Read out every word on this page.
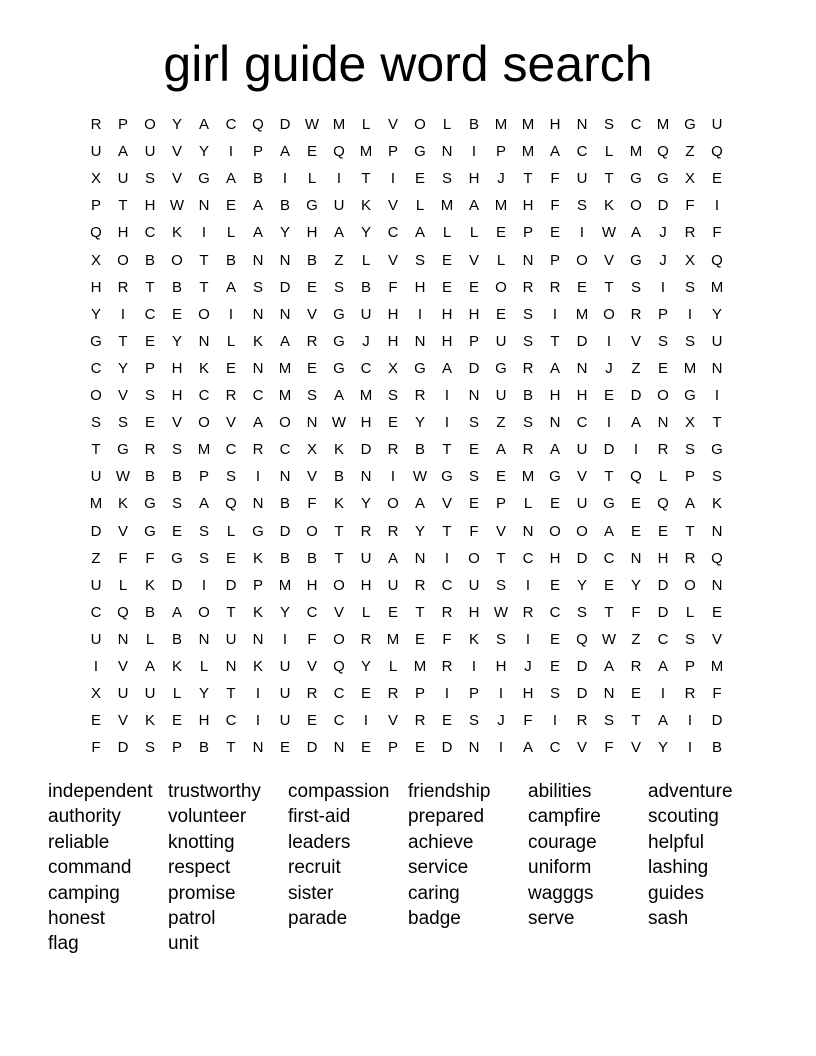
girl guide word search
R	P	O	Y	A	C	Q	D W M	L	V	O	L	B	M M	H	N	S	C	M G	U
U	A	U	V	Y	I	P	A	E	Q M	P	G	N	I	P	M	A	C	L	M Q	Z	Q
X	U	S	V	G	A	B	I	L	I	T	I	E	S	H	J	T	F	U	T	G	G	X	E
P	T	H W N	E	A	B	G	U	K	V	L	M	A	M	H	F	S	K	O	D	F	I
Q	H	C	K	I	L	A	Y	H	A	Y	C	A	L	L	E	P	E	I	W A	J	R	F
X	O	B	O	T	B	N	N	B	Z	L	V	S	E	V	L	N	P	O	V	G	J	X	Q
H	R	T	B	T	A	S	D	E	S	B	F	H	E	E	O	R	R	E	T	S	I	S	M
Y	I	C	E	O	I	N	N	V	G	U	H	I	H	H	E	S	I	M O	R	P	I	Y
G	T	E	Y	N	L	K	A	R	G	J	H	N	H	P	U	S	T	D	I	V	S	S	U
C	Y	P	H	K	E	N	M	E	G	C	X	G	A	D	G	R	A	N	J	Z	E	M	N
O	V	S	H	C	R	C	M	S	A	M	S	R	I	N	U	B	H	H	E	D	O	G	I
S	S	E	V	O	V	A	O	N W H	E	Y	I	S	Z	S	N	C	I	A	N	X	T
T	G	R	S	M	C	R	C	X	K	D	R	B	T	E	A	R	A	U	D	I	R	S	G
U W B	B	P	S	I	N	V	B	N	I	W G	S	E	M G	V	T	Q	L	P	S
M	K	G	S	A	Q	N	B	F	K	Y	O	A	V	E	P	L	E	U	G	E	Q	A	K
D	V	G	E	S	L	G	D	O	T	R	R	Y	T	F	V	N	O	O	A	E	E	T	N
Z	F	F	G	S	E	K	B	B	T	U	A	N	I	O	T	C	H	D	C	N	H	R	Q
U	L	K	D	I	D	P	M	H	O	H	U	R	C	U	S	I	E	Y	E	Y	D	O	N
C	Q	B	A	O	T	K	Y	C	V	L	E	T	R	H W R	C	S	T	F	D	L	E
U	N	L	B	N	U	N	I	F	O	R	M	E	F	K	S	I	E	Q W	Z	C	S	V
I	V	A	K	L	N	K	U	V	Q	Y	L	M	R	I	H	J	E	D	A	R	A	P	M
X	U	U	L	Y	T	I	U	R	C	E	R	P	I	P	I	H	S	D	N	E	I	R	F
E	V	K	E	H	C	I	U	E	C	I	V	R	E	S	J	F	I	R	S	T	A	I	D
F	D	S	P	B	T	N	E	D	N	E	P	E	D	N	I	A	C	V	F	V	Y	I	B
independent trustworthy compassion friendship abilities	adventure
authority volunteer first-aid	prepared campfire scouting
reliable	knotting	leaders	achieve	courage	helpful
command respect	recruit	service	uniform	lashing
camping	promise	sister	caring	wagggs	guides
honest	patrol	parade	badge	serve	sash
flag	unit
